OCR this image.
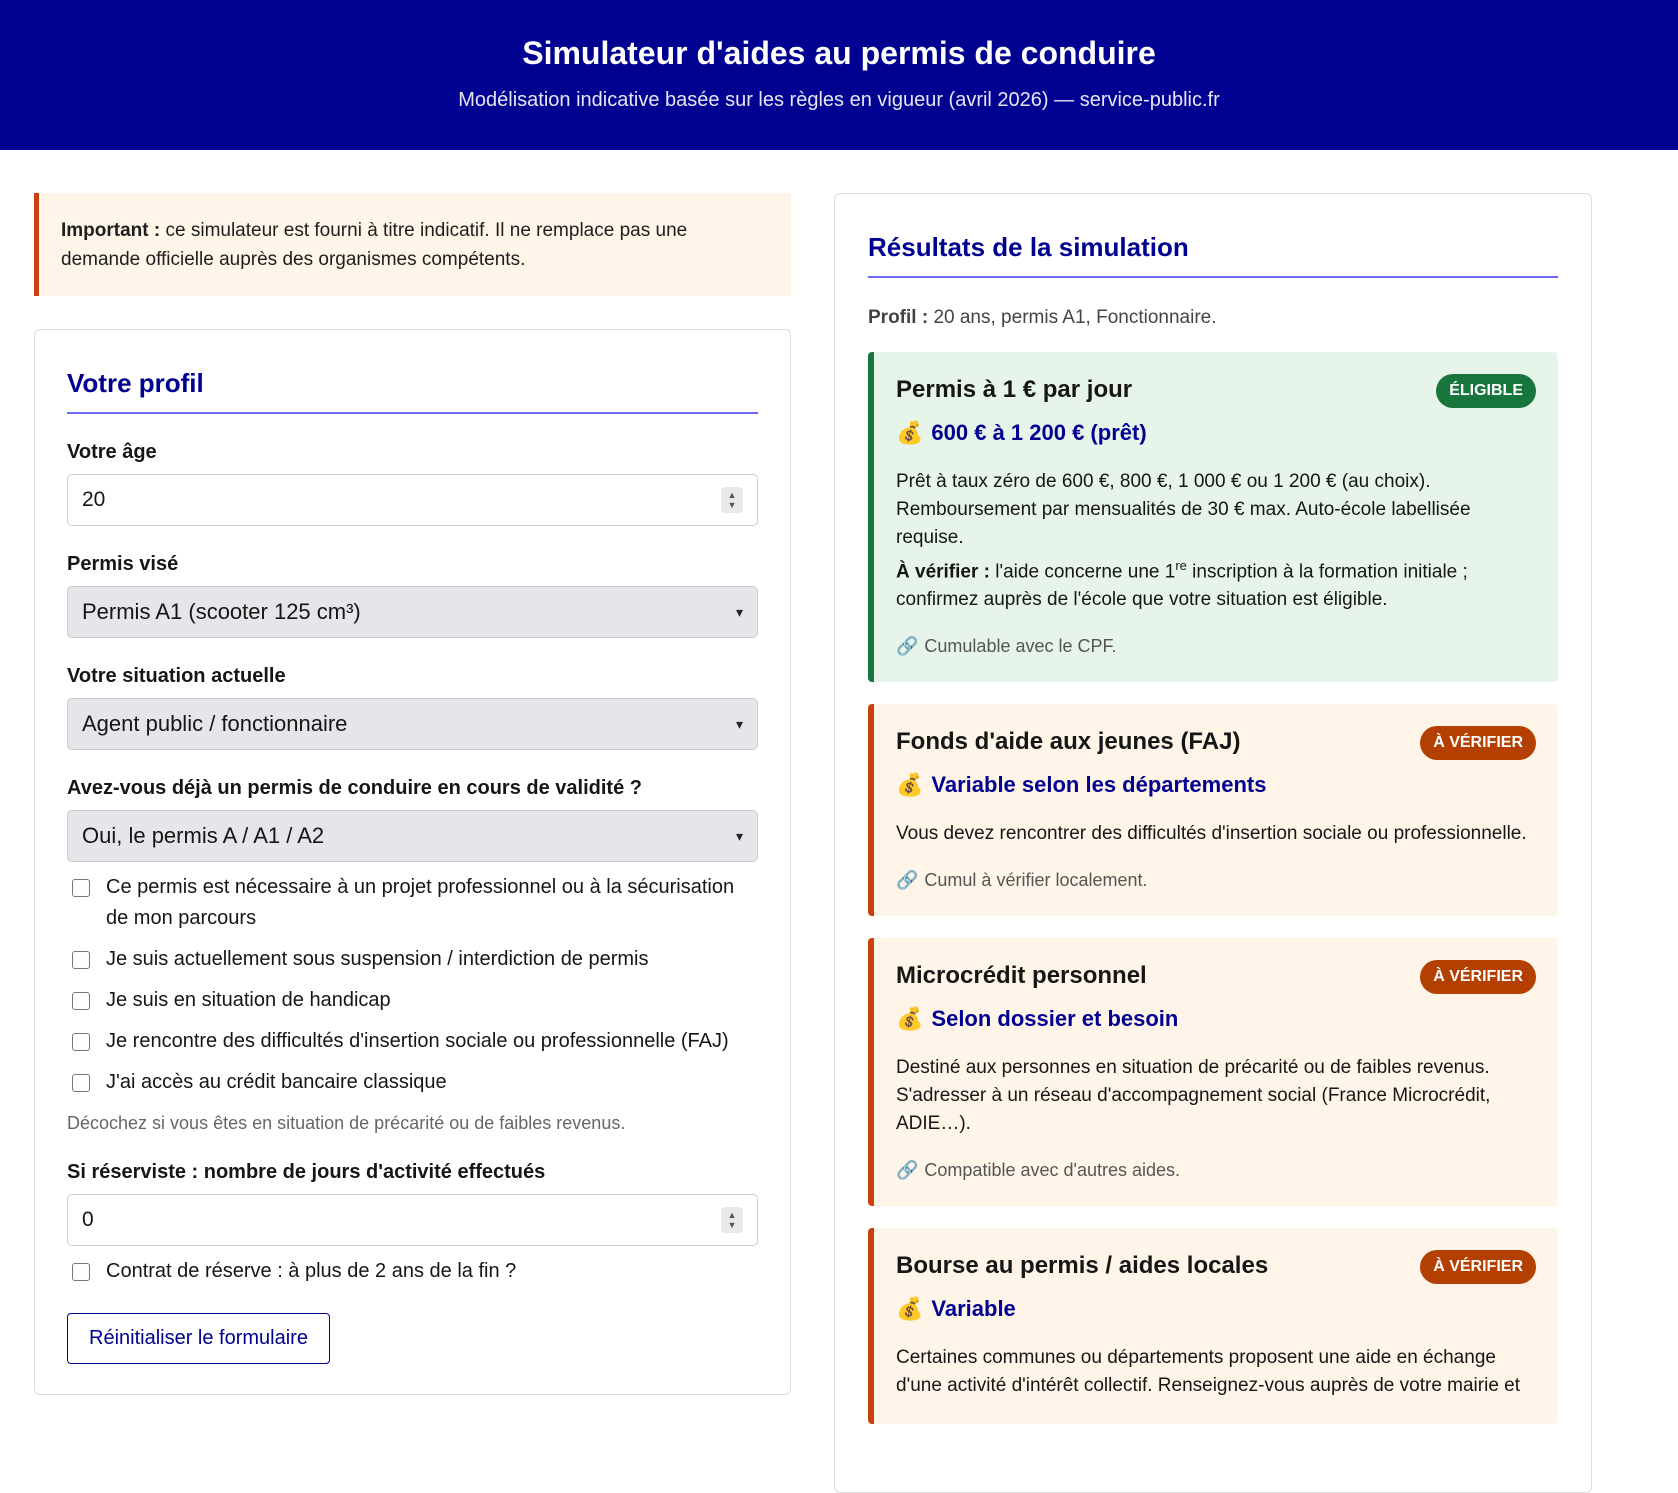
Simulateur d'aides au permis de conduire

Modélisation indicative basée sur les règles en vigueur (avril 2026) — service-public.fr

Important : ce simulateur est fourni à titre indicatif. Il ne remplace pas une demande officielle auprès des organismes compétents.
Votre profil
Votre âge
20	▲
▼
Permis visé
Permis A1 (scooter 125 cm³)	▾
Votre situation actuelle
Agent public / fonctionnaire	▾
Avez-vous déjà un permis de conduire en cours de validité ?
Oui, le permis A / A1 / A2	▾
Ce permis est nécessaire à un projet professionnel ou à la sécurisation de mon parcours
Je suis actuellement sous suspension / interdiction de permis
Je suis en situation de handicap
Je rencontre des difficultés d'insertion sociale ou professionnelle (FAJ)
J'ai accès au crédit bancaire classique
Décochez si vous êtes en situation de précarité ou de faibles revenus.
Si réserviste : nombre de jours d'activité effectués
0	▲
▼
Contrat de réserve : à plus de 2 ans de la fin ?
Réinitialiser le formulaire
Résultats de la simulation
Profil : 20 ans, permis A1, Fonctionnaire.
Permis à 1 € par jour	ÉLIGIBLE
💰 600 € à 1 200 € (prêt)
Prêt à taux zéro de 600 €, 800 €, 1 000 € ou 1 200 € (au choix). Remboursement par mensualités de 30 € max. Auto-école labellisée requise.
À vérifier : l'aide concerne une 1re inscription à la formation initiale ; confirmez auprès de l'école que votre situation est éligible.
🔗 Cumulable avec le CPF.
Fonds d'aide aux jeunes (FAJ)	À VÉRIFIER
💰 Variable selon les départements
Vous devez rencontrer des difficultés d'insertion sociale ou professionnelle.
🔗 Cumul à vérifier localement.
Microcrédit personnel	À VÉRIFIER
💰 Selon dossier et besoin
Destiné aux personnes en situation de précarité ou de faibles revenus. S'adresser à un réseau d'accompagnement social (France Microcrédit, ADIE…).
🔗 Compatible avec d'autres aides.
Bourse au permis / aides locales	À VÉRIFIER
💰 Variable
Certaines communes ou départements proposent une aide en échange d'une activité d'intérêt collectif. Renseignez-vous auprès de votre mairie et
